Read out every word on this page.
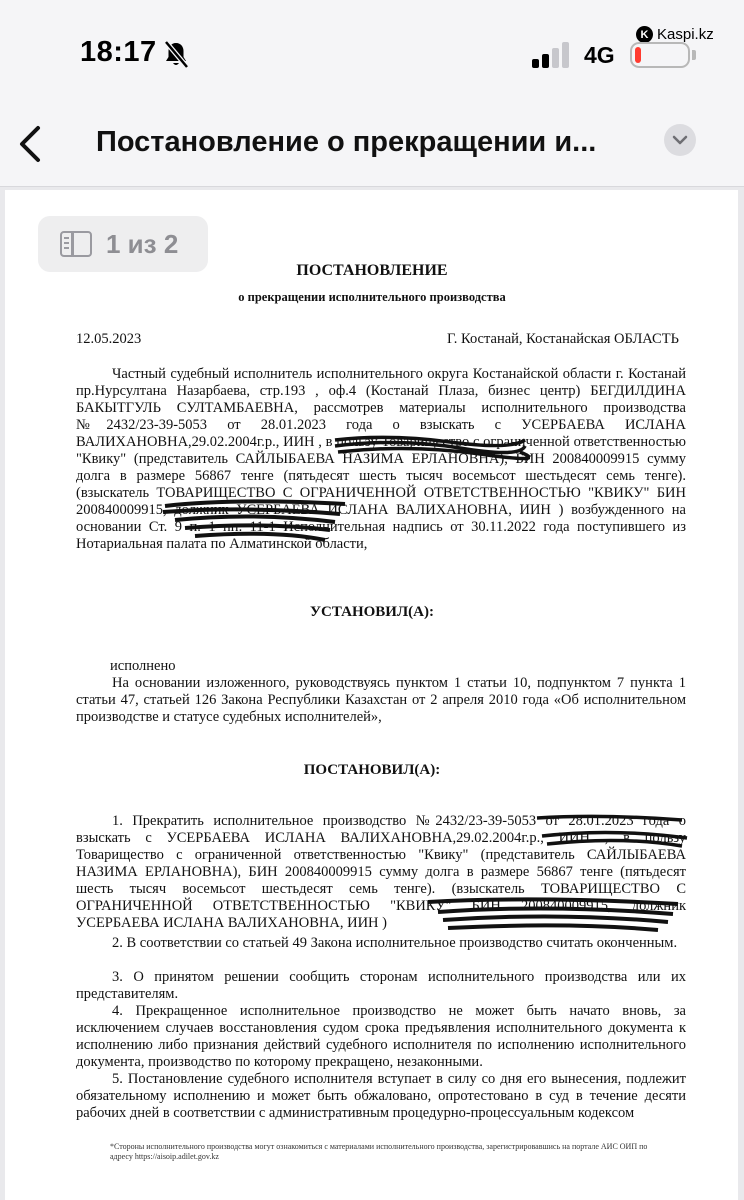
18:17
K Kaspi.kz
4G
Постановление о прекращении и...
1 из 2
ПОСТАНОВЛЕНИЕ
о прекращении исполнительного производства
12.05.2023	Г. Костанай, Костанайская ОБЛАСТЬ
Частный судебный исполнитель исполнительного округа Костанайской области г. Костанай пр.Нурсултана Назарбаева, стр.193 , оф.4 (Костанай Плаза, бизнес центр) БЕГДИЛДИНА БАКЫТГУЛЬ СУЛТАМБАЕВНА, рассмотрев материалы исполнительного производства №2432/23-39-5053 от 28.01.2023 года о взыскать с УСЕРБАЕВА ИСЛАНА ВАЛИХАНОВНА,29.02.2004г.р., ИИН , в пользу Товарищество с ограниченной ответственностью "Квику" (представитель САЙЛЫБАЕВА НАЗИМА ЕРЛАНОВНА), БИН 200840009915 сумму долга в размере 56867 тенге (пятьдесят шесть тысяч восемьсот шестьдесят семь тенге). (взыскатель ТОВАРИЩЕСТВО С ОГРАНИЧЕННОЙ ОТВЕТСТВЕННОСТЬЮ "КВИКУ" БИН 200840009915, должник УСЕРБАЕВА ИСЛАНА ВАЛИХАНОВНА, ИИН ) возбужденного на основании Ст. 9 п. 1 пп. 11-1 Исполнительная надпись от 30.11.2022 года поступившего из Нотариальная палата по Алматинской области,
УСТАНОВИЛ(А):
исполнено
На основании изложенного, руководствуясь пунктом 1 статьи 10, подпунктом 7 пункта 1 статьи 47, статьей 126 Закона Республики Казахстан от 2 апреля 2010 года «Об исполнительном производстве и статусе судебных исполнителей»,
ПОСТАНОВИЛ(А):
1. Прекратить исполнительное производство №2432/23-39-5053 от 28.01.2023 года о взыскать с УСЕРБАЕВА ИСЛАНА ВАЛИХАНОВНА,29.02.2004г.р., ИИН , в пользу Товарищество с ограниченной ответственностью "Квику" (представитель САЙЛЫБАЕВА НАЗИМА ЕРЛАНОВНА), БИН 200840009915 сумму долга в размере 56867 тенге (пятьдесят шесть тысяч восемьсот шестьдесят семь тенге). (взыскатель ТОВАРИЩЕСТВО С ОГРАНИЧЕННОЙ ОТВЕТСТВЕННОСТЬЮ "КВИКУ" БИН 200840009915, должник УСЕРБАЕВА ИСЛАНА ВАЛИХАНОВНА, ИИН )
2. В соответствии со статьей 49 Закона исполнительное производство считать оконченным.
3. О принятом решении сообщить сторонам исполнительного производства или их представителям.
4. Прекращенное исполнительное производство не может быть начато вновь, за исключением случаев восстановления судом срока предъявления исполнительного документа к исполнению либо признания действий судебного исполнителя по исполнению исполнительного документа, производство по которому прекращено, незаконными.
5. Постановление судебного исполнителя вступает в силу со дня его вынесения, подлежит обязательному исполнению и может быть обжаловано, опротестовано в суд в течение десяти рабочих дней в соответствии с административным процедурно-процессуальным кодексом
*Стороны исполнительного производства могут ознакомиться с материалами исполнительного производства, зарегистрировавшись на портале АИС ОИП по адресу https://aisoip.adilet.gov.kz
